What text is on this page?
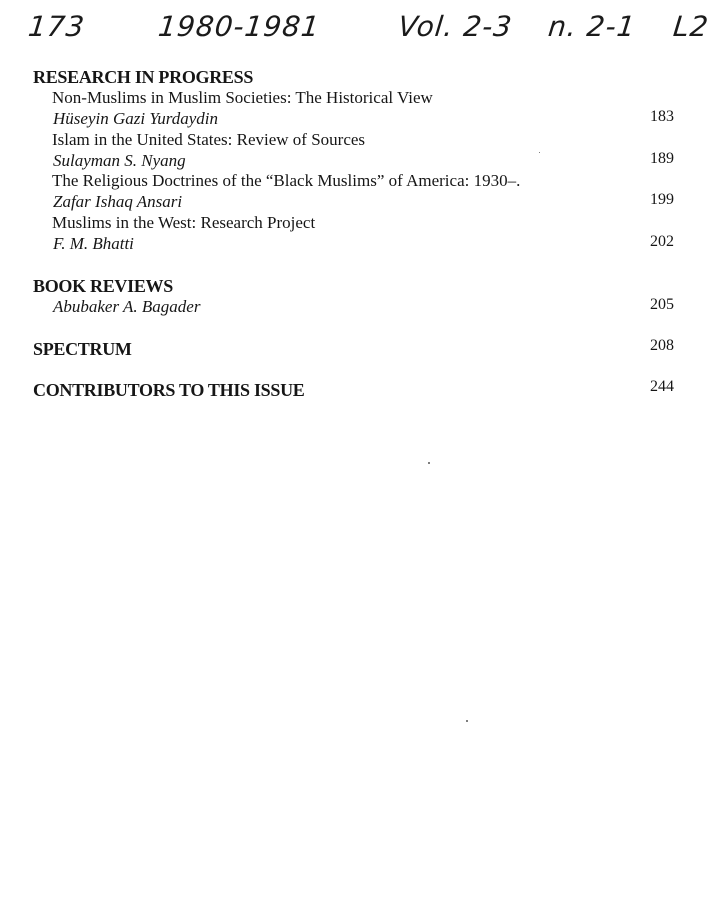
173	1980-1981	Vol. 2-3 n. 2-1 L2
RESEARCH IN PROGRESS
Non-Muslims in Muslim Societies: The Historical View
Hüseyin Gazi Yurdaydin	183
Islam in the United States: Review of Sources
Sulayman S. Nyang	189
The Religious Doctrines of the “Black Muslims” of America: 1930–.
Zafar Ishaq Ansari	199
Muslims in the West: Research Project
F. M. Bhatti	202
BOOK REVIEWS
Abubaker A. Bagader	205
SPECTRUM	208
CONTRIBUTORS TO THIS ISSUE	244
